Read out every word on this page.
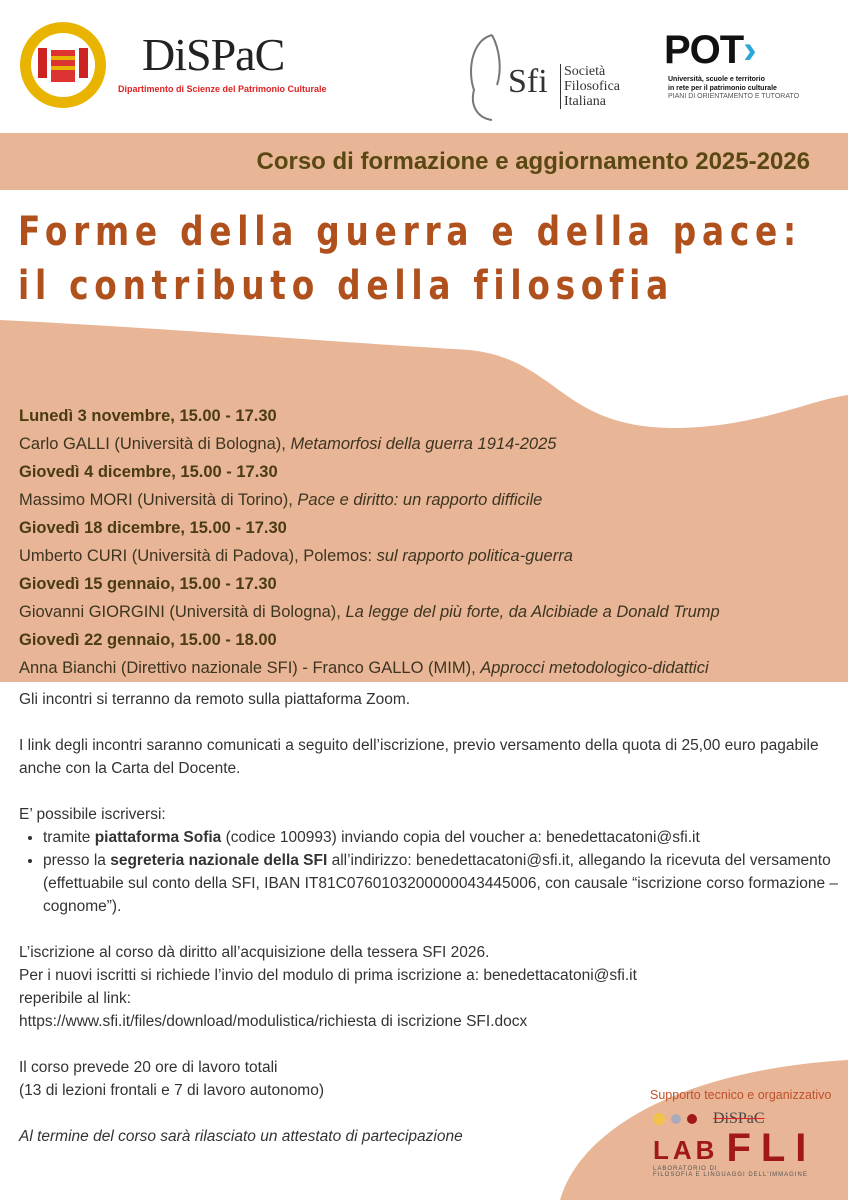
DiSPaC
Dipartimento di Scienze del Patrimonio Culturale	Sfi Società
Filosofica
Italiana
POT›
Università, scuole e territorio
in rete per il patrimonio culturale
PIANI DI ORIENTAMENTO E TUTORATO
Corso di formazione e aggiornamento 2025-2026
Forme della guerra e della pace:
il contributo della filosofia
Lunedì 3 novembre, 15.00 - 17.30
Carlo GALLI (Università di Bologna), Metamorfosi della guerra 1914-2025
Giovedì 4 dicembre, 15.00 - 17.30
Massimo MORI (Università di Torino), Pace e diritto: un rapporto difficile
Giovedì 18 dicembre, 15.00 - 17.30
Umberto CURI (Università di Padova), Polemos: sul rapporto politica-guerra
Giovedì 15 gennaio, 15.00 - 17.30
Giovanni GIORGINI (Università di Bologna), La legge del più forte, da Alcibiade a Donald Trump
Giovedì 22 gennaio, 15.00 - 18.00
Anna Bianchi (Direttivo nazionale SFI) - Franco GALLO (MIM), Approcci metodologico-didattici

Gli incontri si terranno da remoto sulla piattaforma Zoom.

I link degli incontri saranno comunicati a seguito dell’iscrizione, previo versamento della quota di 25,00 euro pagabile anche con la Carta del Docente.

E’ possibile iscriversi:
• tramite piattaforma Sofia (codice 100993) inviando copia del voucher a: benedettacatoni@sfi.it
• presso la segreteria nazionale della SFI all’indirizzo: benedettacatoni@sfi.it, allegando la ricevuta del versamento (effettuabile sul conto della SFI, IBAN IT81C0760103200000043445006, con causale “iscrizione corso formazione – cognome”).

L’iscrizione al corso dà diritto all’acquisizione della tessera SFI 2026.
Per i nuovi iscritti si richiede l’invio del modulo di prima iscrizione a: benedettacatoni@sfi.it
reperibile al link:
https://www.sfi.it/files/download/modulistica/richiesta di iscrizione SFI.docx

Il corso prevede 20 ore di lavoro totali
(13 di lezioni frontali e 7 di lavoro autonomo)

Al termine del corso sarà rilasciato un attestato di partecipazione

Supporto tecnico e organizzativo
DiSPaC
LAB FLI
LABORATORIO DI
FILOSOFIA E LINGUAGGI DELL'IMMAGINE
